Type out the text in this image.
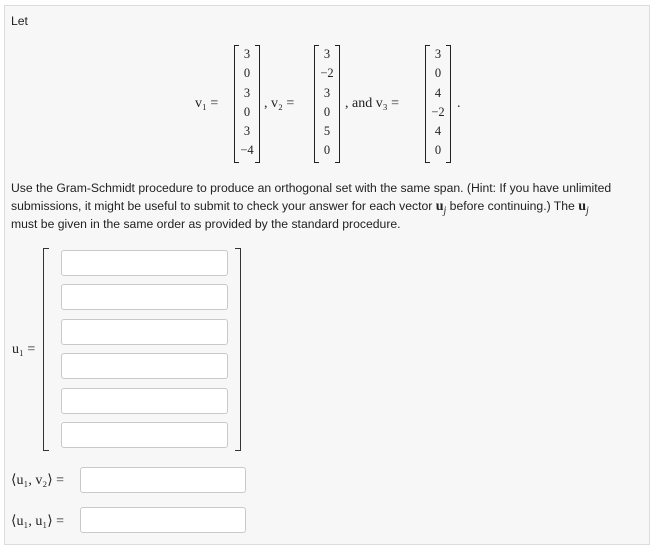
Let
v₁ =
3
0
3
0
3
−4
, v₂ =
3
−2
3
0
5
0
, and v₃ =
3
0
4
−2
4
0
.
Use the Gram-Schmidt procedure to produce an orthogonal set with the same span. (Hint: If you have unlimited
submissions, it might be useful to submit to check your answer for each vector $u_j$ before continuing.) The $u_j$
must be given in the same order as provided by the standard procedure.
u₁ =
⟨u₁, v₂⟩ =
⟨u₁, u₁⟩ =
